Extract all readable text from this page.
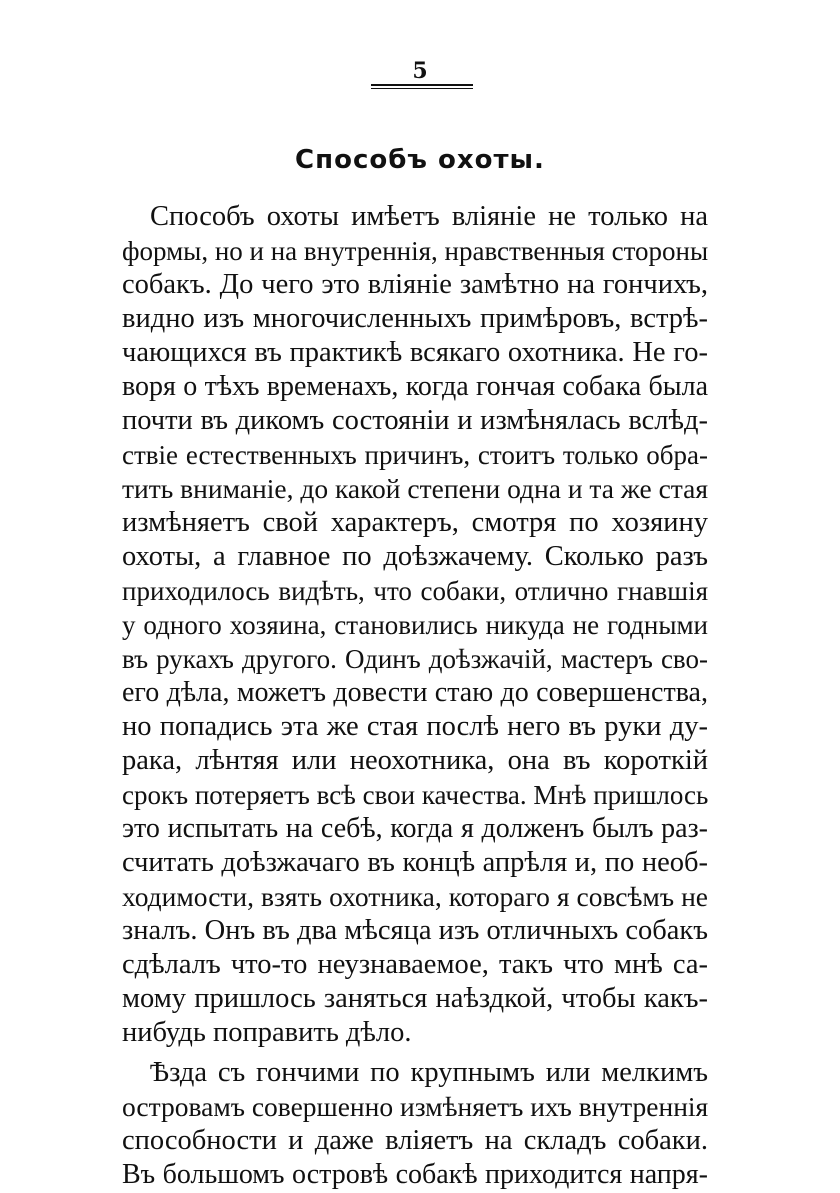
5
Способъ охоты.
Способъ охоты имѣетъ вліяніе не только на
формы, но и на внутреннія, нравственныя стороны
собакъ. До чего это вліяніе замѣтно на гончихъ,
видно изъ многочисленныхъ примѣровъ, встрѣ-
чающихся въ практикѣ всякаго охотника. Не го-
воря о тѣхъ временахъ, когда гончая собака была
почти въ дикомъ состояніи и измѣнялась вслѣд-
ствіе естественныхъ причинъ, стоитъ только обра-
тить вниманіе, до какой степени одна и та же стая
измѣняетъ свой характеръ, смотря по хозяину
охоты, а главное по доѣзжачему. Сколько разъ
приходилось видѣть, что собаки, отлично гнавшія
у одного хозяина, становились никуда не годными
въ рукахъ другого. Одинъ доѣзжачій, мастеръ сво-
его дѣла, можетъ довести стаю до совершенства,
но попадись эта же стая послѣ него въ руки ду-
рака, лѣнтяя или неохотника, она въ короткій
срокъ потеряетъ всѣ свои качества. Мнѣ пришлось
это испытать на себѣ, когда я долженъ былъ раз-
считать доѣзжачаго въ концѣ апрѣля и, по необ-
ходимости, взять охотника, котораго я совсѣмъ не
зналъ. Онъ въ два мѣсяца изъ отличныхъ собакъ
сдѣлалъ что-то неузнаваемое, такъ что мнѣ са-
мому пришлось заняться наѣздкой, чтобы какъ-
нибудь поправить дѣло.
Ѣзда съ гончими по крупнымъ или мелкимъ
островамъ совершенно измѣняетъ ихъ внутреннія
способности и даже вліяетъ на складъ собаки.
Въ большомъ островѣ собакѣ приходится напря-
